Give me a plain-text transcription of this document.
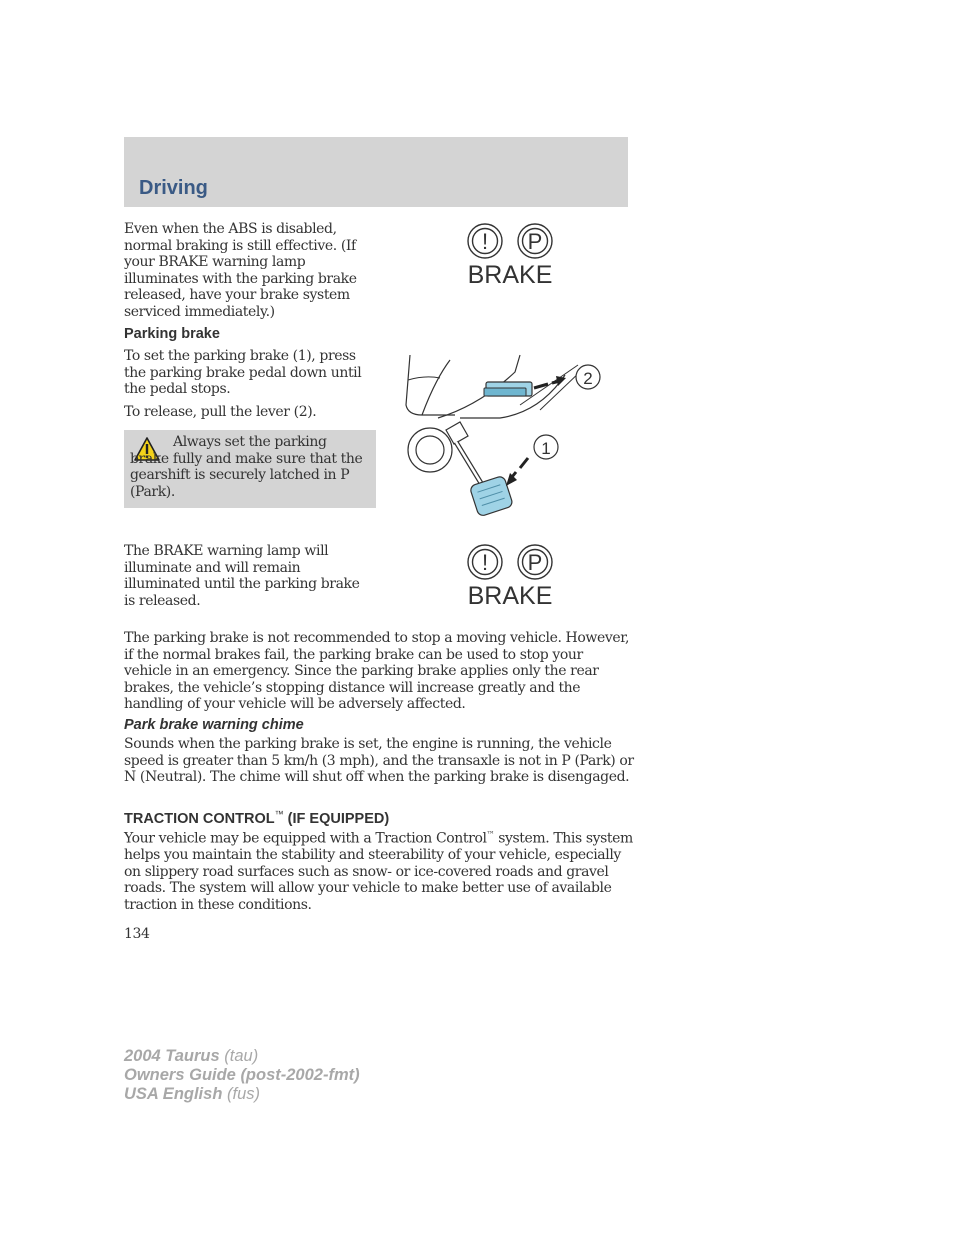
Driving
Even when the ABS is disabled, normal braking is still effective. (If your BRAKE warning lamp illuminates with the parking brake released, have your brake system serviced immediately.)
! P
BRAKE
Parking brake
To set the parking brake (1), press the parking brake pedal down until the pedal stops.
To release, pull the lever (2).
Always set the parking brake fully and make sure that the gearshift is securely latched in P (Park).
2
1
The BRAKE warning lamp will illuminate and will remain illuminated until the parking brake is released.
! P
BRAKE
The parking brake is not recommended to stop a moving vehicle. However, if the normal brakes fail, the parking brake can be used to stop your vehicle in an emergency. Since the parking brake applies only the rear brakes, the vehicle’s stopping distance will increase greatly and the handling of your vehicle will be adversely affected.
Park brake warning chime
Sounds when the parking brake is set, the engine is running, the vehicle speed is greater than 5 km/h (3 mph), and the transaxle is not in P (Park) or N (Neutral). The chime will shut off when the parking brake is disengaged.
TRACTION CONTROL™ (IF EQUIPPED)
Your vehicle may be equipped with a Traction Control™ system. This system helps you maintain the stability and steerability of your vehicle, especially on slippery road surfaces such as snow- or ice-covered roads and gravel roads. The system will allow your vehicle to make better use of available traction in these conditions.
134
2004 Taurus (tau)
Owners Guide (post-2002-fmt)
USA English (fus)
